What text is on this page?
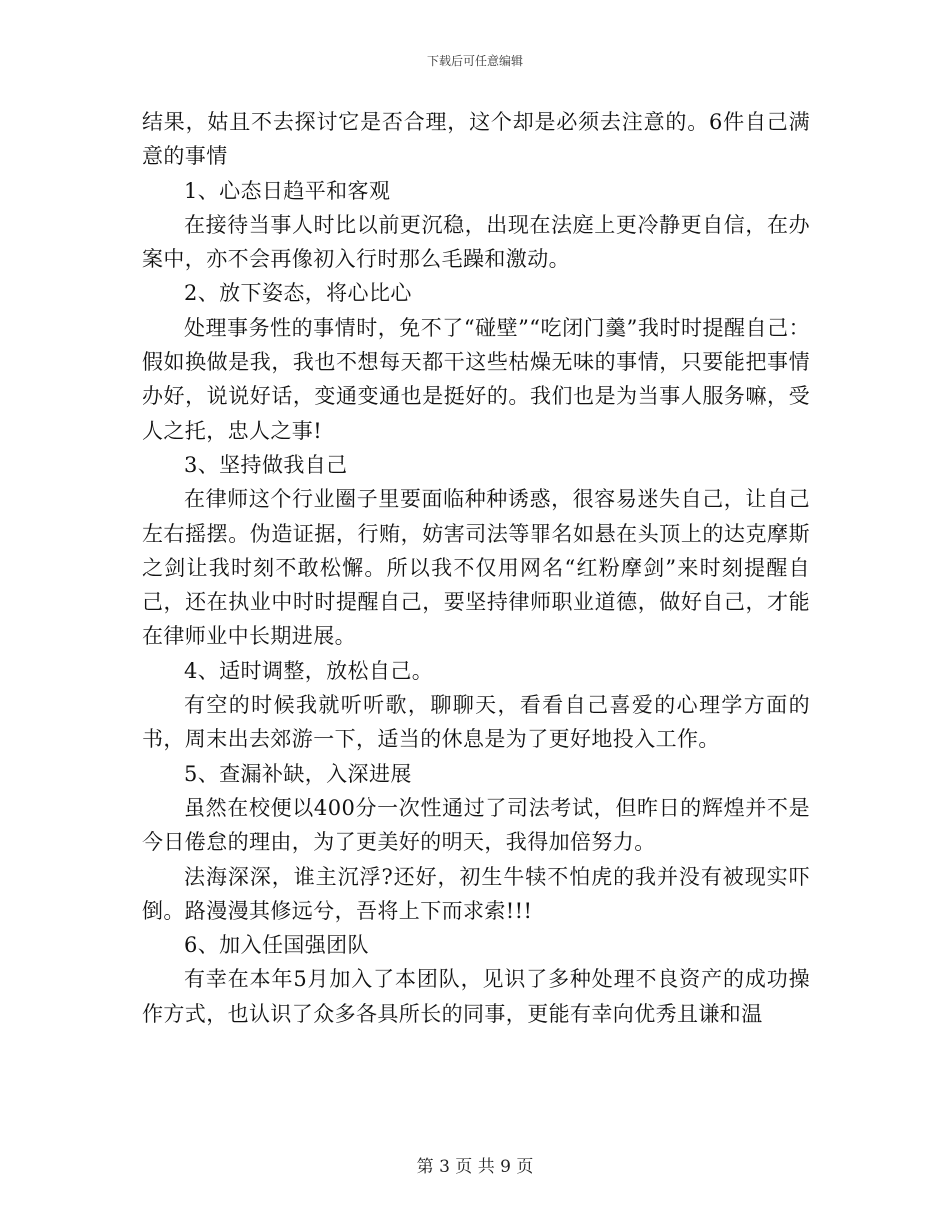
下载后可任意编辑

结果，姑且不去探讨它是否合理，这个却是必须去注意的。6件自己满意的事情

1、心态日趋平和客观

在接待当事人时比以前更沉稳，出现在法庭上更冷静更自信，在办案中，亦不会再像初入行时那么毛躁和激动。

2、放下姿态，将心比心

处理事务性的事情时，免不了“碰壁”“吃闭门羹”我时时提醒自己：假如换做是我，我也不想每天都干这些枯燥无味的事情，只要能把事情办好，说说好话，变通变通也是挺好的。我们也是为当事人服务嘛，受人之托，忠人之事!

3、坚持做我自己

在律师这个行业圈子里要面临种种诱惑，很容易迷失自己，让自己左右摇摆。伪造证据，行贿，妨害司法等罪名如悬在头顶上的达克摩斯之剑让我时刻不敢松懈。所以我不仅用网名“红粉摩剑”来时刻提醒自己，还在执业中时时提醒自己，要坚持律师职业道德，做好自己，才能在律师业中长期进展。

4、适时调整，放松自己。

有空的时候我就听听歌，聊聊天，看看自己喜爱的心理学方面的书，周末出去郊游一下，适当的休息是为了更好地投入工作。

5、查漏补缺，入深进展

虽然在校便以400分一次性通过了司法考试，但昨日的辉煌并不是今日倦怠的理由，为了更美好的明天，我得加倍努力。

法海深深，谁主沉浮?还好，初生牛犊不怕虎的我并没有被现实吓倒。路漫漫其修远兮，吾将上下而求索!!!

6、加入任国强团队

有幸在本年5月加入了本团队，见识了多种处理不良资产的成功操作方式，也认识了众多各具所长的同事，更能有幸向优秀且谦和温

第 3 页 共 9 页
